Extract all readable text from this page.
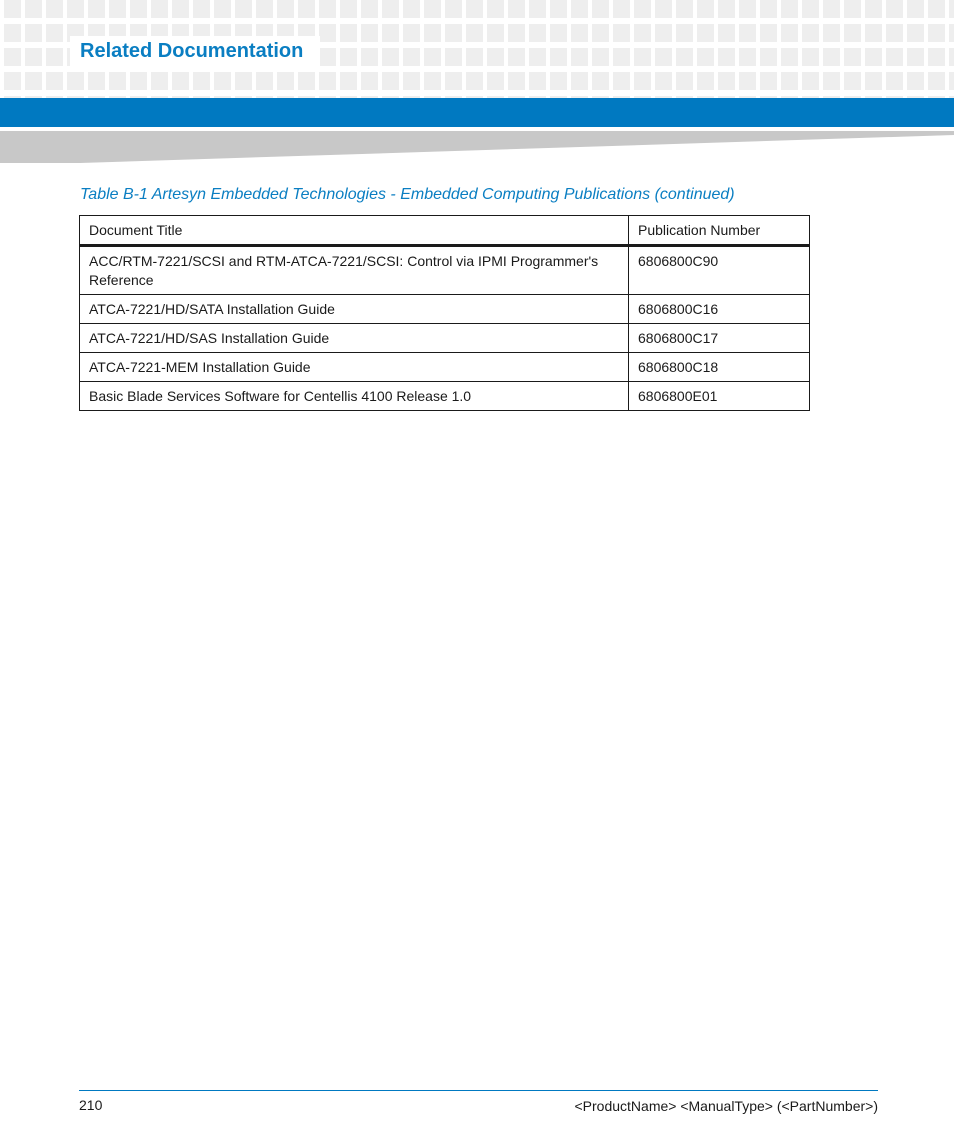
Related Documentation

Table B-1 Artesyn Embedded Technologies - Embedded Computing Publications (continued)

Document Title	Publication Number
ACC/RTM-7221/SCSI and RTM-ATCA-7221/SCSI: Control via IPMI Programmer's Reference	6806800C90
ATCA-7221/HD/SATA Installation Guide	6806800C16
ATCA-7221/HD/SAS Installation Guide	6806800C17
ATCA-7221-MEM Installation Guide	6806800C18
Basic Blade Services Software for Centellis 4100 Release 1.0	6806800E01
210	<ProductName> <ManualType> (<PartNumber>)
